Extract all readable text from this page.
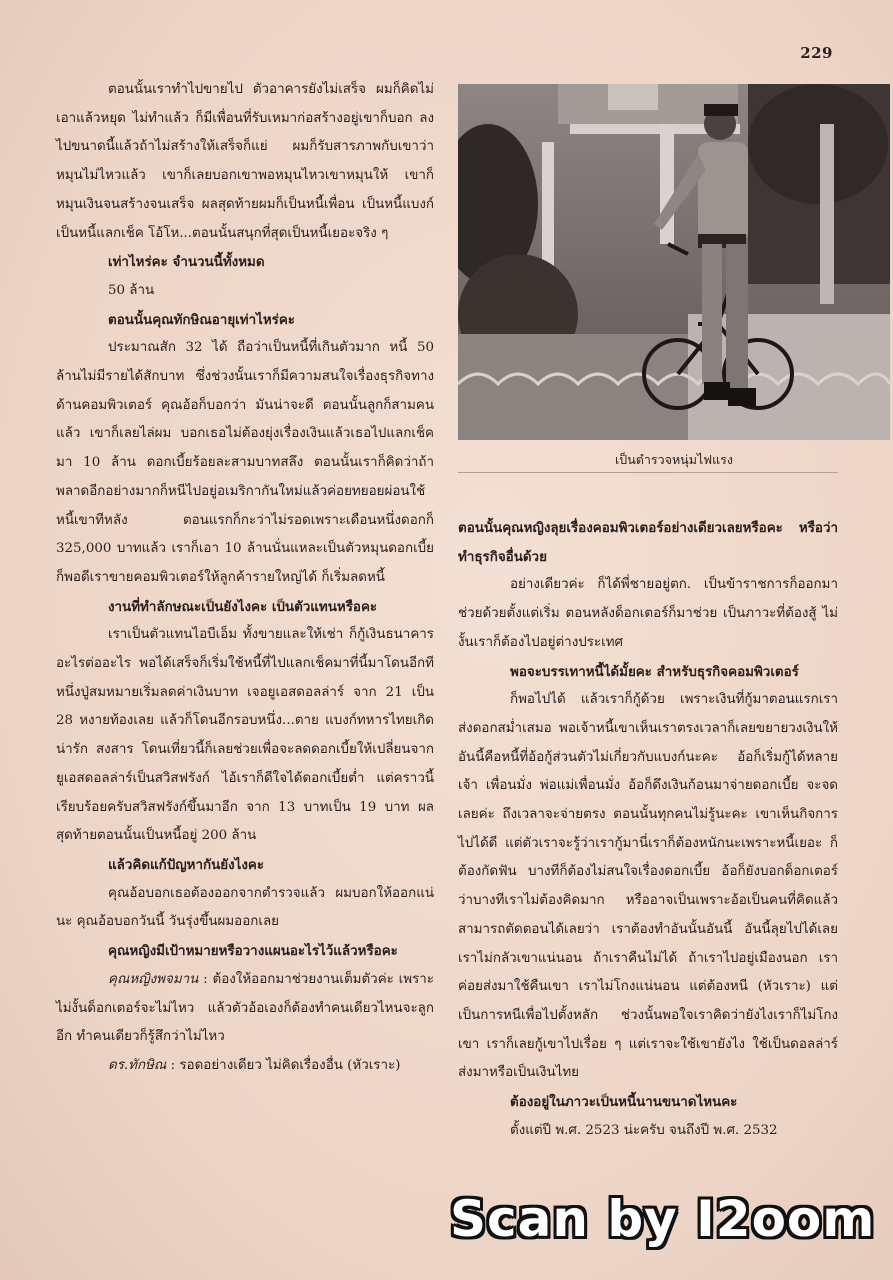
229

ตอนนั้นเราทำไปขายไป ตัวอาคารยังไม่เสร็จ ผมก็คิดไม่เอาแล้วหยุด ไม่ทำแล้ว ก็มีเพื่อนที่รับเหมาก่อสร้างอยู่เขาก็บอก ลงไปขนาดนี้แล้วถ้าไม่สร้างให้เสร็จก็แย่ ผมก็รับสารภาพกับเขาว่าหมุนไม่ไหวแล้ว เขาก็เลยบอกเขาพอหมุนไหวเขาหมุนให้ เขาก็หมุนเงินจนสร้างจนเสร็จ ผลสุดท้ายผมก็เป็นหนี้เพื่อน เป็นหนี้แบงก์ เป็นหนี้แลกเช็ค โอ้โห...ตอนนั้นสนุกที่สุดเป็นหนี้เยอะจริง ๆ

เท่าไหร่คะ จำนวนนี้ทั้งหมด

50 ล้าน

ตอนนั้นคุณทักษิณอายุเท่าไหร่คะ

ประมาณสัก 32 ได้ ถือว่าเป็นหนี้ที่เกินตัวมาก หนี้ 50 ล้านไม่มีรายได้สักบาท ซึ่งช่วงนั้นเราก็มีความสนใจเรื่องธุรกิจทางด้านคอมพิวเตอร์ คุณอ้อก็บอกว่า มันน่าจะดี ตอนนั้นลูกก็สามคนแล้ว เขาก็เลยไล่ผม บอกเธอไม่ต้องยุ่งเรื่องเงินแล้วเธอไปแลกเช็คมา 10 ล้าน ดอกเบี้ยร้อยละสามบาทสลึง ตอนนั้นเราก็คิดว่าถ้าพลาดอีกอย่างมากก็หนีไปอยู่อเมริกากันใหม่แล้วค่อยทยอยผ่อนใช้หนี้เขาทีหลัง ตอนแรกก็กะว่าไม่รอดเพราะเดือนหนึ่งดอกก็ 325,000 บาทแล้ว เราก็เอา 10 ล้านนั่นแหละเป็นตัวหมุนดอกเบี้ย ก็พอดีเราขายคอมพิวเตอร์ให้ลูกค้ารายใหญ่ได้ ก็เริ่มลดหนี้

งานที่ทำลักษณะเป็นยังไงคะ เป็นตัวแทนหรือคะ

เราเป็นตัวแทนไอบีเอ็ม ทั้งขายและให้เช่า ก็กู้เงินธนาคารอะไรต่ออะไร พอได้เสร็จก็เริ่มใช้หนี้ที่ไปแลกเช็คมาที่นี้มาโดนอีกทีหนึ่งปู่สมหมายเริ่มลดค่าเงินบาท เจอยูเอสดอลล่าร์ จาก 21 เป็น 28 หงายท้องเลย แล้วก็โดนอีกรอบหนึ่ง...ตาย แบงก์ทหารไทยเกิดน่ารัก สงสาร โดนเที่ยวนี้ก็เลยช่วยเพื่อจะลดดอกเบี้ยให้เปลี่ยนจากยูเอสดอลล่าร์เป็นสวิสฟรังก์ ไอ้เราก็ดีใจได้ดอกเบี้ยต่ำ แต่คราวนี้เรียบร้อยครับสวิสฟรังก์ขึ้นมาอีก จาก 13 บาทเป็น 19 บาท ผลสุดท้ายตอนนั้นเป็นหนี้อยู่ 200 ล้าน

แล้วคิดแก้ปัญหากันยังไงคะ

คุณอ้อบอกเธอต้องออกจากตำรวจแล้ว ผมบอกให้ออกแน่นะ คุณอ้อบอกวันนี้ วันรุ่งขึ้นผมออกเลย

คุณหญิงมีเป้าหมายหรือวางแผนอะไรไว้แล้วหรือคะ

คุณหญิงพจมาน : ต้องให้ออกมาช่วยงานเต็มตัวค่ะ เพราะไม่งั้นด็อกเตอร์จะไม่ไหว แล้วตัวอ้อเองก็ต้องทำคนเดียวไหนจะลูกอีก ทำคนเดียวก็รู้สึกว่าไม่ไหว

ดร.ทักษิณ : รอดอย่างเดียว ไม่คิดเรื่องอื่น (หัวเราะ)

เป็นตำรวจหนุ่มไฟแรง

ตอนนั้นคุณหญิงลุยเรื่องคอมพิวเตอร์อย่างเดียวเลยหรือคะ หรือว่าทำธุรกิจอื่นด้วย

อย่างเดียวค่ะ ก็ได้พี่ชายอยู่ตก. เป็นข้าราชการก็ออกมาช่วยด้วยตั้งแต่เริ่ม ตอนหลังด็อกเตอร์ก็มาช่วย เป็นภาวะที่ต้องสู้ ไม่งั้นเราก็ต้องไปอยู่ต่างประเทศ

พอจะบรรเทาหนี้ได้มั้ยคะ สำหรับธุรกิจคอมพิวเตอร์

ก็พอไปได้ แล้วเราก็กู้ด้วย เพราะเงินที่กู้มาตอนแรกเราส่งดอกสม่ำเสมอ พอเจ้าหนี้เขาเห็นเราตรงเวลาก็เลยขยายวงเงินให้ อันนี้คือหนี้ที่อ้อกู้ส่วนตัวไม่เกี่ยวกับแบงก์นะคะ อ้อก็เริ่มกู้ได้หลายเจ้า เพื่อนมั่ง พ่อแม่เพื่อนมั่ง อ้อก็ดึงเงินก้อนมาจ่ายดอกเบี้ย จะจดเลยค่ะ ถึงเวลาจะจ่ายตรง ตอนนั้นทุกคนไม่รู้นะคะ เขาเห็นกิจการไปได้ดี แต่ตัวเราจะรู้ว่าเรากู้มานี่เราก็ต้องหนักนะเพราะหนี้เยอะ ก็ต้องกัดฟัน บางทีก็ต้องไม่สนใจเรื่องดอกเบี้ย อ้อก็ยังบอกด็อกเตอร์ว่าบางทีเราไม่ต้องคิดมาก หรืออาจเป็นเพราะอ้อเป็นคนที่คิดแล้วสามารถตัดตอนได้เลยว่า เราต้องทำอันนั้นอันนี้ อันนี้ลุยไปได้เลย เราไม่กลัวเขาแน่นอน ถ้าเราคืนไม่ได้ ถ้าเราไปอยู่เมืองนอก เราค่อยส่งมาใช้คืนเขา เราไม่โกงแน่นอน แต่ต้องหนี (หัวเราะ) แต่เป็นการหนีเพื่อไปตั้งหลัก ช่วงนั้นพอใจเราคิดว่ายังไงเราก็ไม่โกงเขา เราก็เลยกู้เขาไปเรื่อย ๆ แต่เราจะใช้เขายังไง ใช้เป็นดอลล่าร์ส่งมาหรือเป็นเงินไทย

ต้องอยู่ในภาวะเป็นหนี้นานขนาดไหนคะ

ตั้งแต่ปี พ.ศ. 2523 น่ะครับ จนถึงปี พ.ศ. 2532

Scan by I2oom
